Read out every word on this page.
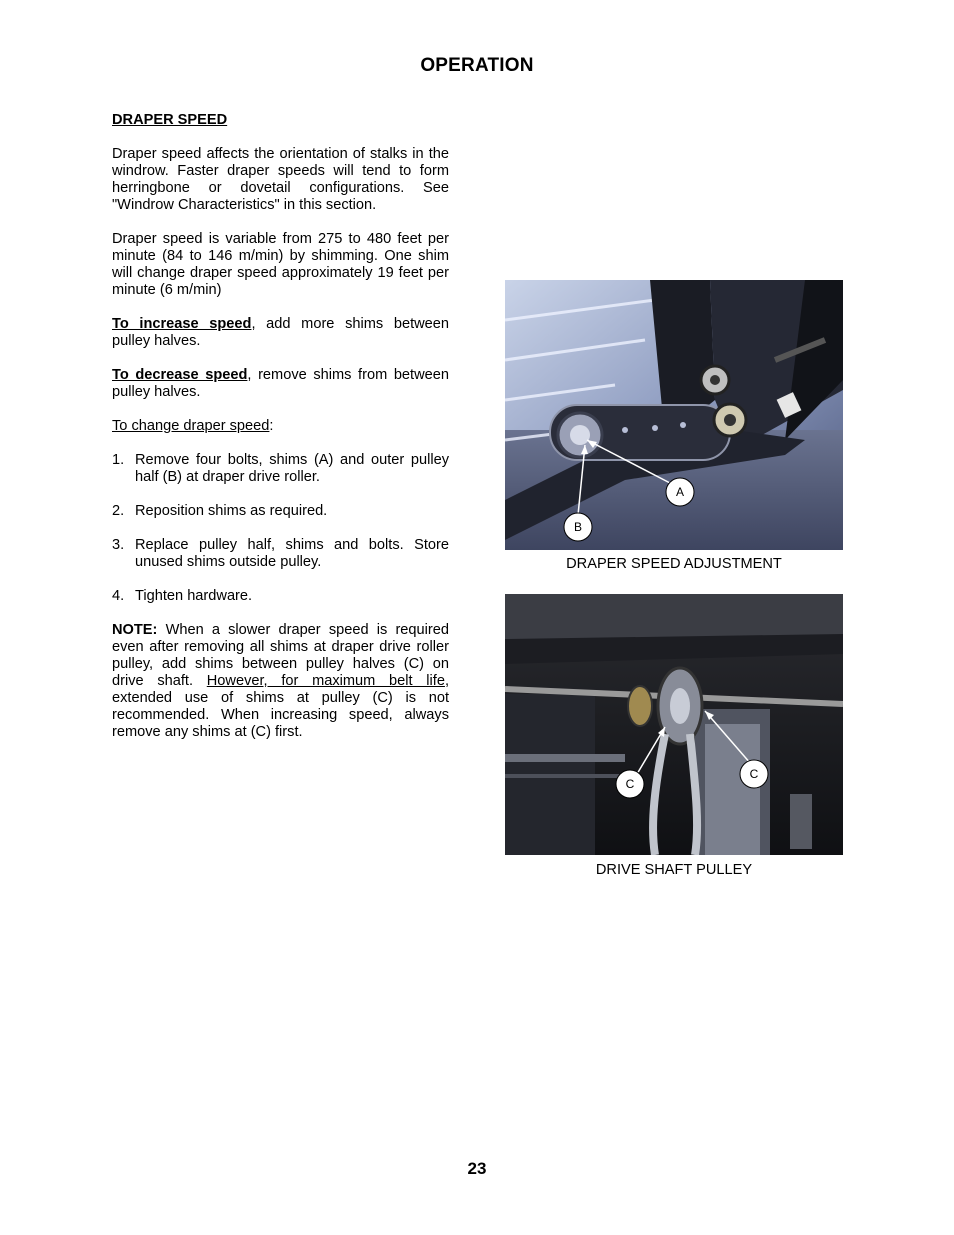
OPERATION
DRAPER SPEED

Draper speed affects the orientation of stalks in the windrow. Faster draper speeds will tend to form herringbone or dovetail configurations. See "Windrow Characteristics" in this section.

Draper speed is variable from 275 to 480 feet per minute (84 to 146 m/min) by shimming. One shim will change draper speed approximately 19 feet per minute (6 m/min)

To increase speed, add more shims between pulley halves.

To decrease speed, remove shims from between pulley halves.

To change draper speed:

1. Remove four bolts, shims (A) and outer pulley half (B) at draper drive roller.
2. Reposition shims as required.
3. Replace pulley half, shims and bolts. Store unused shims outside pulley.
4. Tighten hardware.

NOTE: When a slower draper speed is required even after removing all shims at draper drive roller pulley, add shims between pulley halves (C) on drive shaft. However, for maximum belt life, extended use of shims at pulley (C) is not recommended. When increasing speed, always remove any shims at (C) first.

A
B
DRAPER SPEED ADJUSTMENT
C
C
DRIVE SHAFT PULLEY
23
